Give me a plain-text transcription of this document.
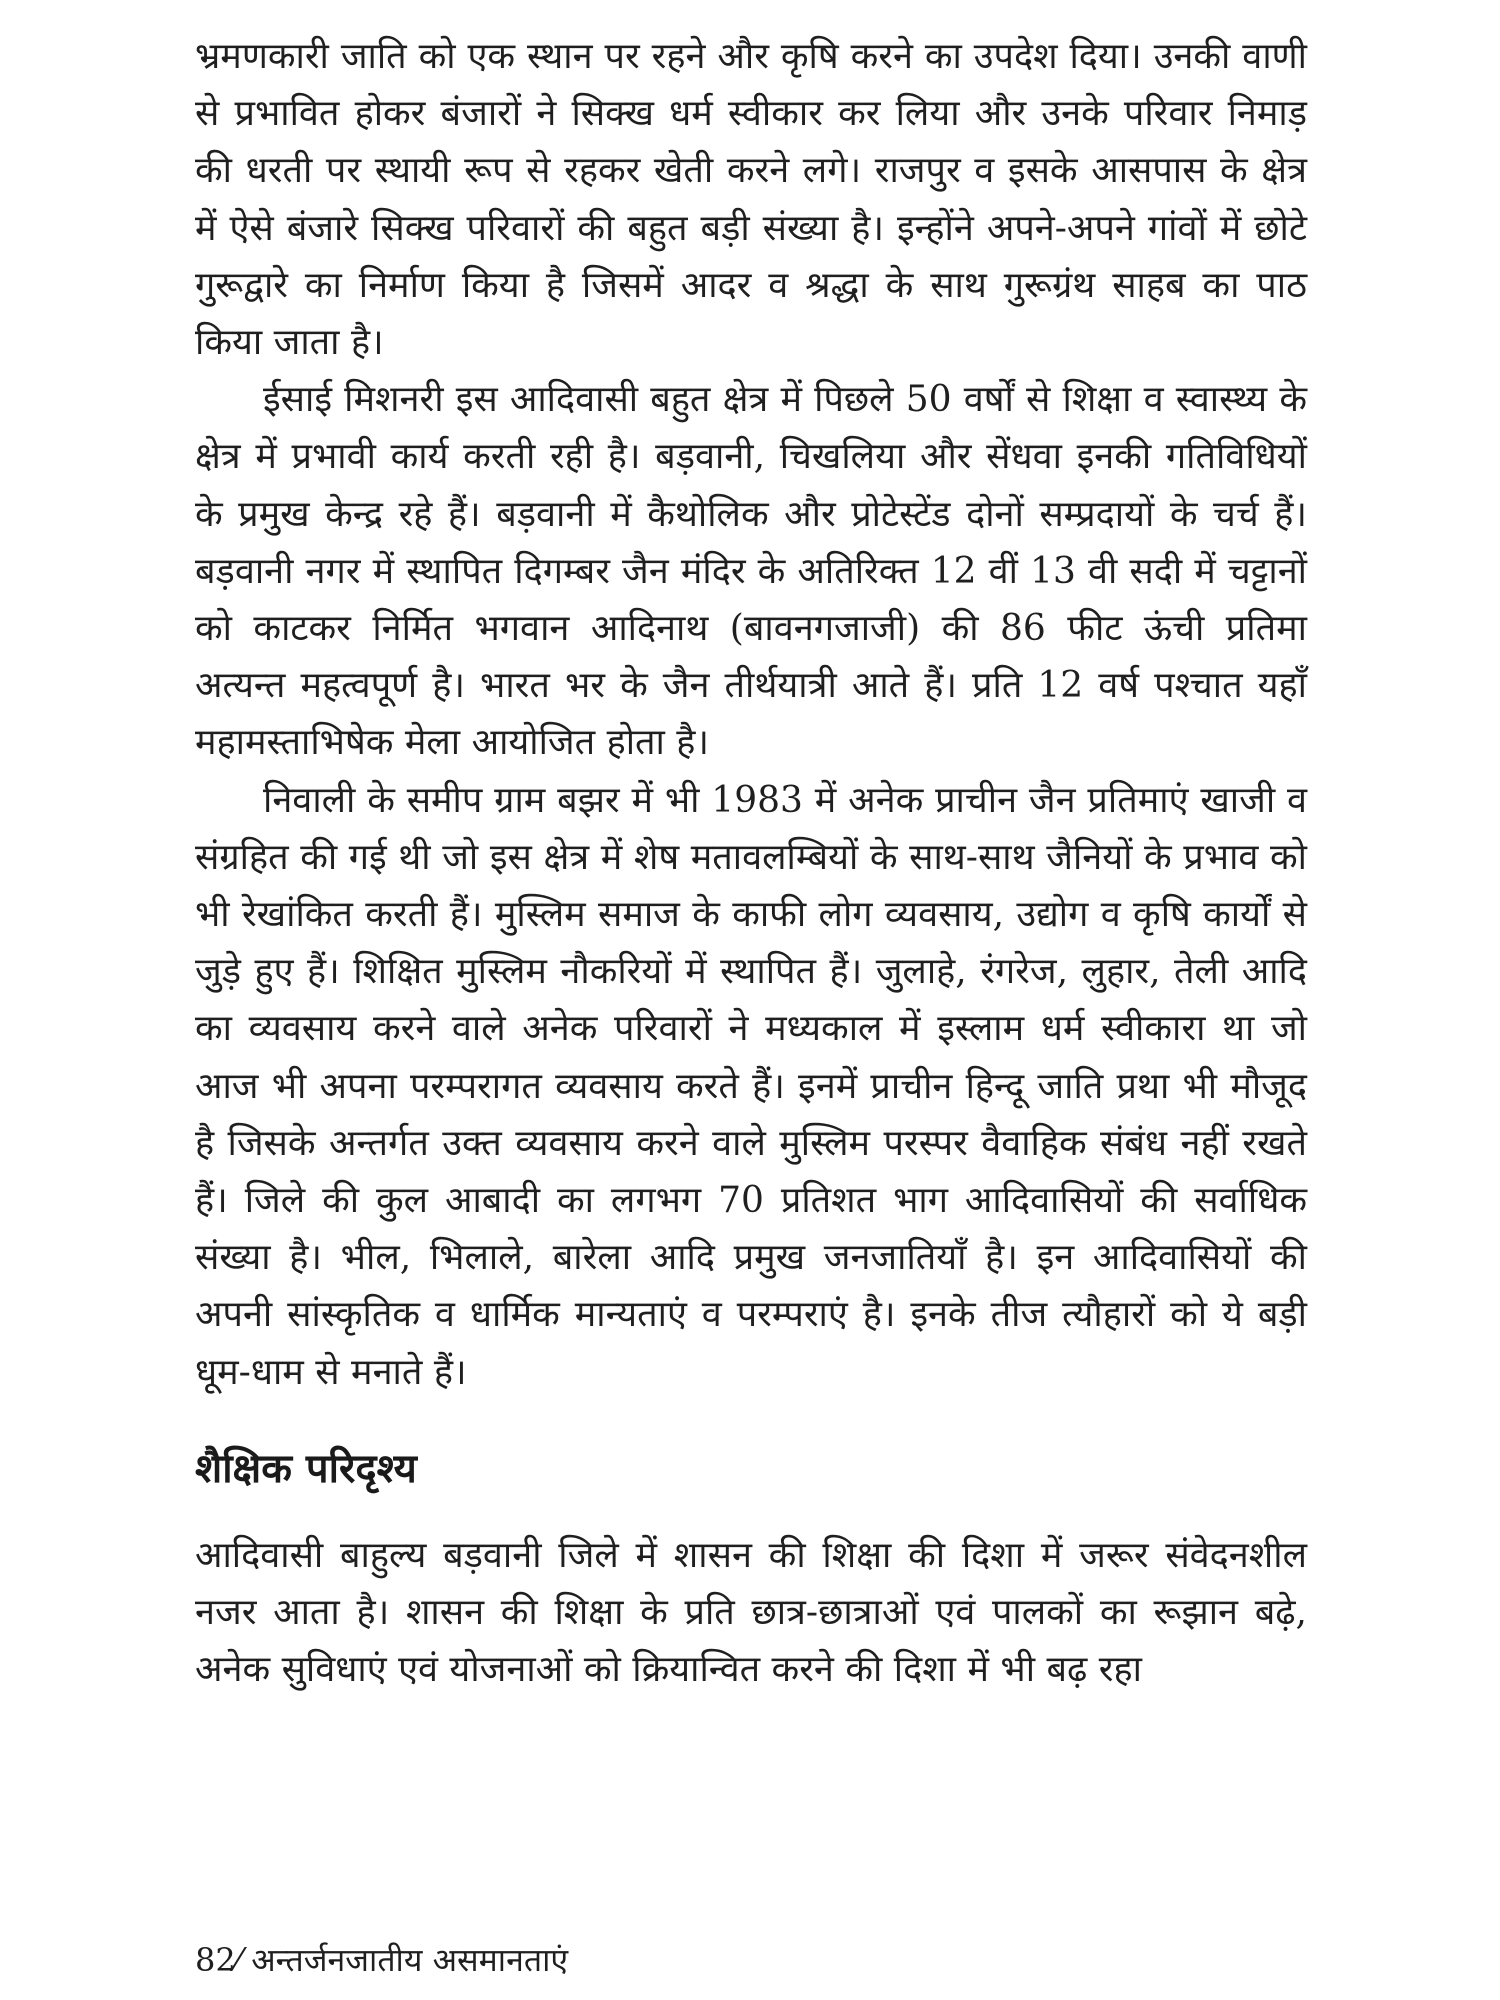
भ्रमणकारी जाति को एक स्थान पर रहने और कृषि करने का उपदेश दिया। उनकी वाणी से प्रभावित होकर बंजारों ने सिक्ख धर्म स्वीकार कर लिया और उनके परिवार निमाड़ की धरती पर स्थायी रूप से रहकर खेती करने लगे। राजपुर व इसके आसपास के क्षेत्र में ऐसे बंजारे सिक्ख परिवारों की बहुत बड़ी संख्या है। इन्होंने अपने-अपने गांवों में छोटे गुरूद्वारे का निर्माण किया है जिसमें आदर व श्रद्धा के साथ गुरूग्रंथ साहब का पाठ किया जाता है।

ईसाई मिशनरी इस आदिवासी बहुत क्षेत्र में पिछले 50 वर्षों से शिक्षा व स्वास्थ्य के क्षेत्र में प्रभावी कार्य करती रही है। बड़वानी, चिखलिया और सेंधवा इनकी गतिविधियों के प्रमुख केन्द्र रहे हैं। बड़वानी में कैथोलिक और प्रोटेस्टेंड दोनों सम्प्रदायों के चर्च हैं। बड़वानी नगर में स्थापित दिगम्बर जैन मंदिर के अतिरिक्त 12 वीं 13 वी सदी में चट्टानों को काटकर निर्मित भगवान आदिनाथ (बावनगजाजी) की 86 फीट ऊंची प्रतिमा अत्यन्त महत्वपूर्ण है। भारत भर के जैन तीर्थयात्री आते हैं। प्रति 12 वर्ष पश्चात यहाँ महामस्ताभिषेक मेला आयोजित होता है।

निवाली के समीप ग्राम बझर में भी 1983 में अनेक प्राचीन जैन प्रतिमाएं खाजी व संग्रहित की गई थी जो इस क्षेत्र में शेष मतावलम्बियों के साथ-साथ जैनियों के प्रभाव को भी रेखांकित करती हैं। मुस्लिम समाज के काफी लोग व्यवसाय, उद्योग व कृषि कार्यों से जुड़े हुए हैं। शिक्षित मुस्लिम नौकरियों में स्थापित हैं। जुलाहे, रंगरेज, लुहार, तेली आदि का व्यवसाय करने वाले अनेक परिवारों ने मध्यकाल में इस्लाम धर्म स्वीकारा था जो आज भी अपना परम्परागत व्यवसाय करते हैं। इनमें प्राचीन हिन्दू जाति प्रथा भी मौजूद है जिसके अन्तर्गत उक्त व्यवसाय करने वाले मुस्लिम परस्पर वैवाहिक संबंध नहीं रखते हैं। जिले की कुल आबादी का लगभग 70 प्रतिशत भाग आदिवासियों की सर्वाधिक संख्या है। भील, भिलाले, बारेला आदि प्रमुख जनजातियाँ है। इन आदिवासियों की अपनी सांस्कृतिक व धार्मिक मान्यताएं व परम्पराएं है। इनके तीज त्यौहारों को ये बड़ी धूम-धाम से मनाते हैं।

शैक्षिक परिदृश्य

आदिवासी बाहुल्य बड़वानी जिले में शासन की शिक्षा की दिशा में जरूर संवेदनशील नजर आता है। शासन की शिक्षा के प्रति छात्र-छात्राओं एवं पालकों का रूझान बढ़े, अनेक सुविधाएं एवं योजनाओं को क्रियान्वित करने की दिशा में भी बढ़ रहा

82⁄ अन्तर्जनजातीय असमानताएं
